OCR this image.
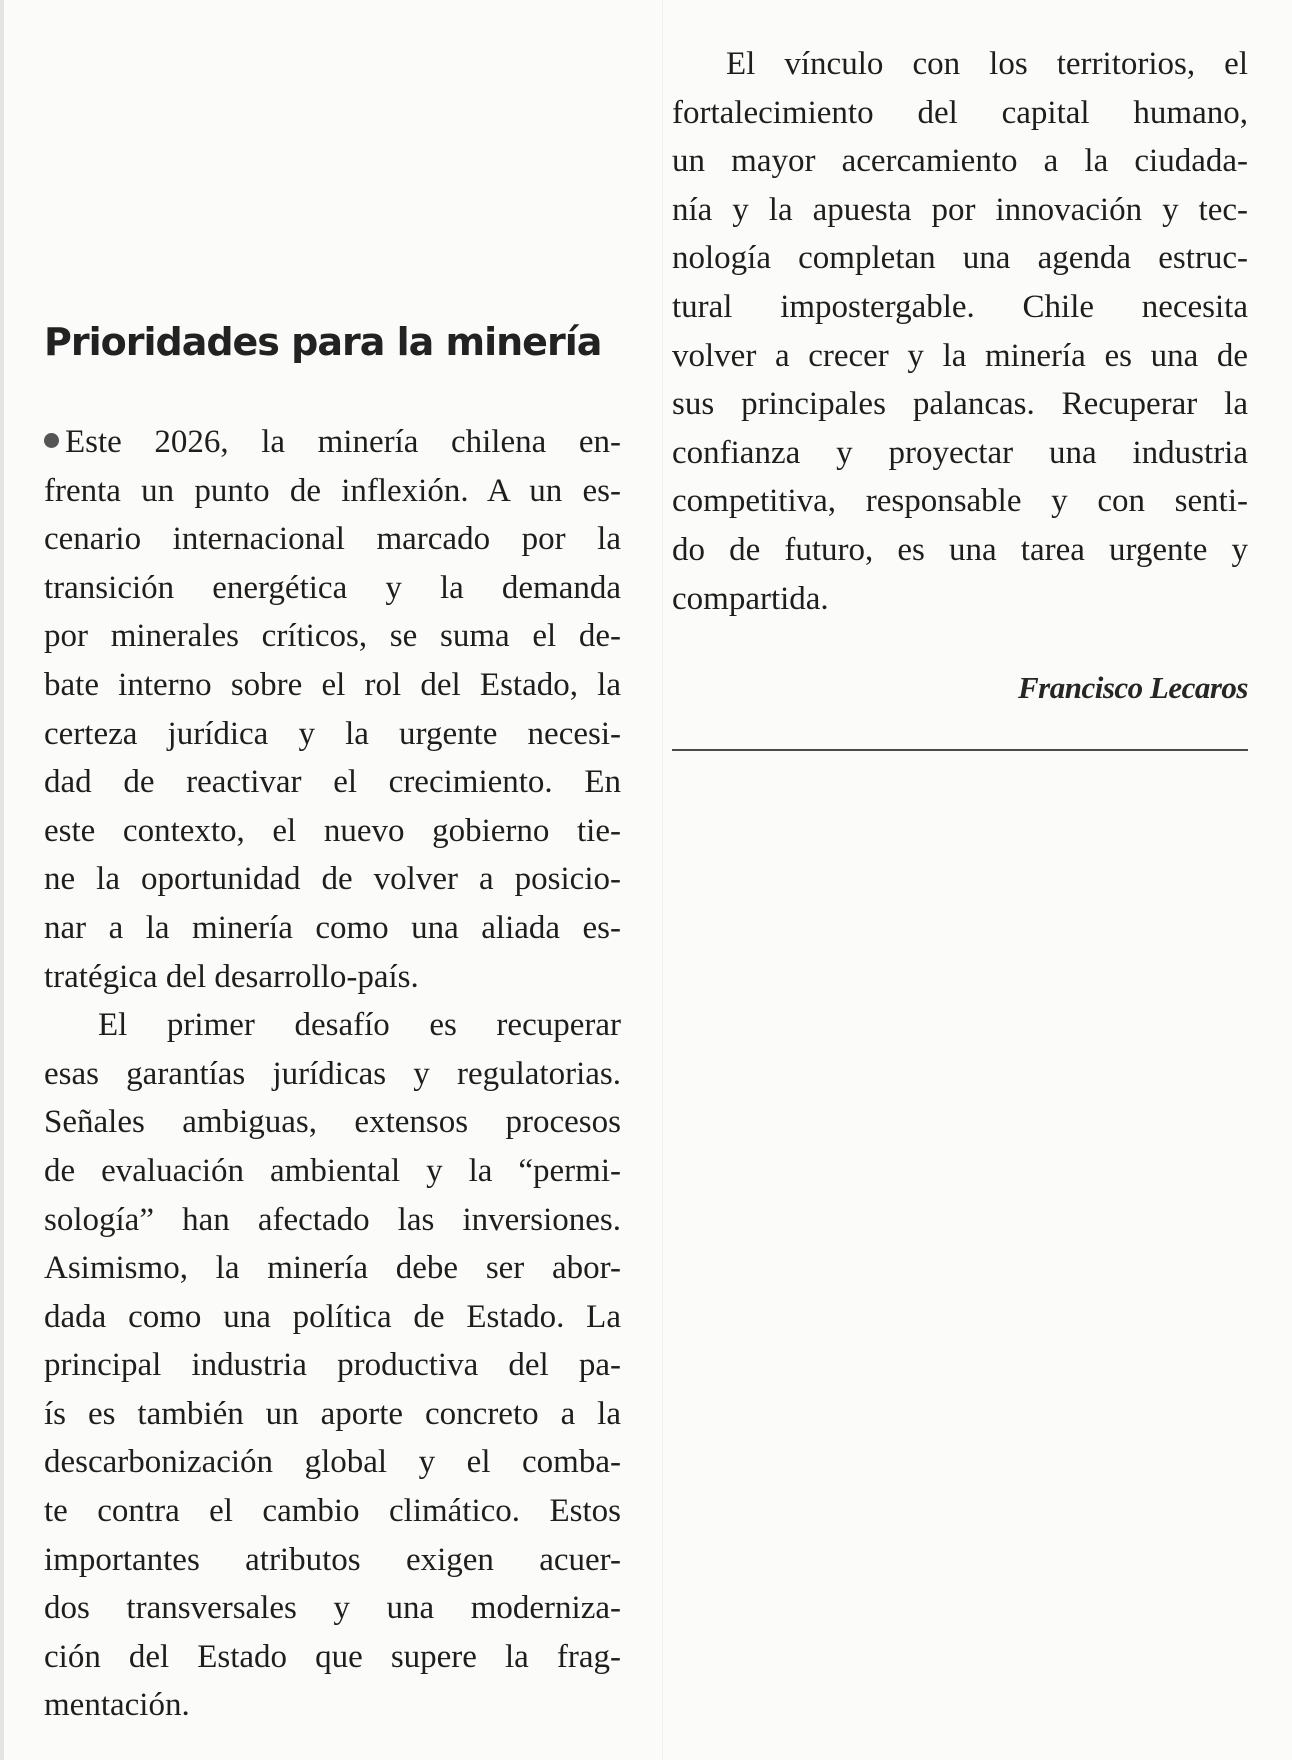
Prioridades para la minería
Este 2026, la minería chilena en-
frenta un punto de inflexión. A un es-
cenario internacional marcado por la
transición energética y la demanda
por minerales críticos, se suma el de-
bate interno sobre el rol del Estado, la
certeza jurídica y la urgente necesi-
dad de reactivar el crecimiento. En
este contexto, el nuevo gobierno tie-
ne la oportunidad de volver a posicio-
nar a la minería como una aliada es-
tratégica del desarrollo-país.
El primer desafío es recuperar
esas garantías jurídicas y regulatorias.
Señales ambiguas, extensos procesos
de evaluación ambiental y la “permi-
sología” han afectado las inversiones.
Asimismo, la minería debe ser abor-
dada como una política de Estado. La
principal industria productiva del pa-
ís es también un aporte concreto a la
descarbonización global y el comba-
te contra el cambio climático. Estos
importantes atributos exigen acuer-
dos transversales y una moderniza-
ción del Estado que supere la frag-
mentación.
El vínculo con los territorios, el
fortalecimiento del capital humano,
un mayor acercamiento a la ciudada-
nía y la apuesta por innovación y tec-
nología completan una agenda estruc-
tural impostergable. Chile necesita
volver a crecer y la minería es una de
sus principales palancas. Recuperar la
confianza y proyectar una industria
competitiva, responsable y con senti-
do de futuro, es una tarea urgente y
compartida.
Francisco Lecaros
